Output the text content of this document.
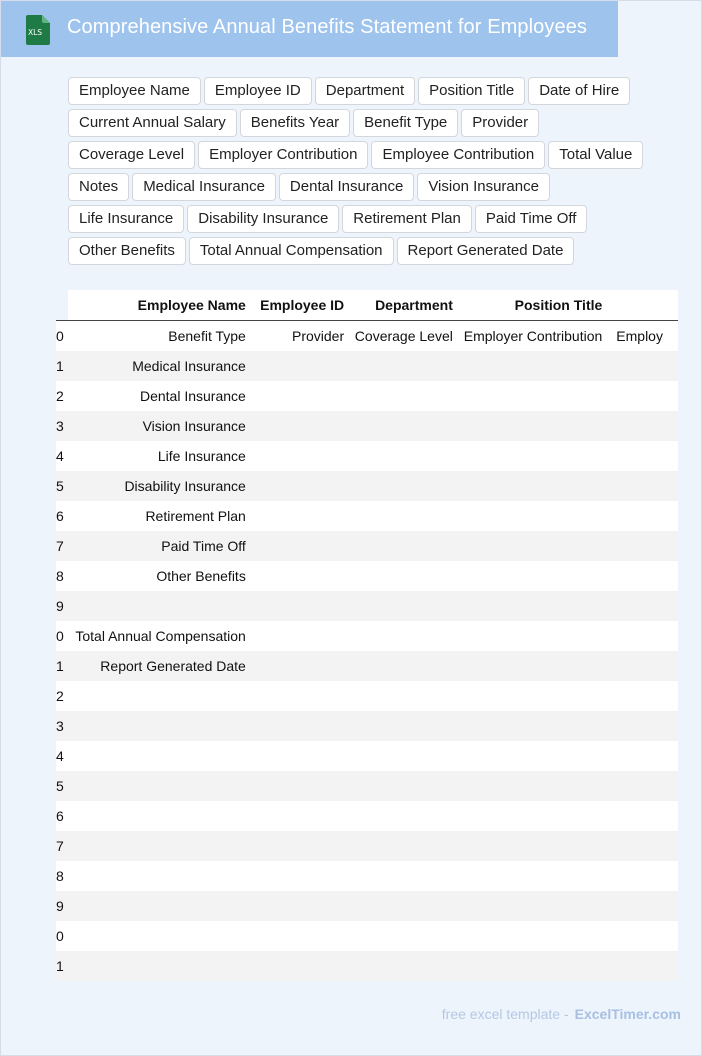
XLS Comprehensive Annual Benefits Statement for Employees
Employee Name	Employee ID	Department	Position Title	Date of Hire
Current Annual Salary	Benefits Year	Benefit Type	Provider
Coverage Level	Employer Contribution	Employee Contribution	Total Value
Notes	Medical Insurance	Dental Insurance	Vision Insurance
Life Insurance	Disability Insurance	Retirement Plan	Paid Time Off
Other Benefits	Total Annual Compensation	Report Generated Date
	Employee Name	Employee ID	Department	Position Title	
0	Benefit Type	Provider	Coverage Level	Employer Contribution	Employ
1	Medical Insurance				
2	Dental Insurance				
3	Vision Insurance				
4	Life Insurance				
5	Disability Insurance				
6	Retirement Plan				
7	Paid Time Off				
8	Other Benefits				
9					
0	Total Annual Compensation				
1	Report Generated Date				
2					
3					
4					
5					
6					
7					
8					
9					
0					
1					
free excel template - ExcelTimer.com
